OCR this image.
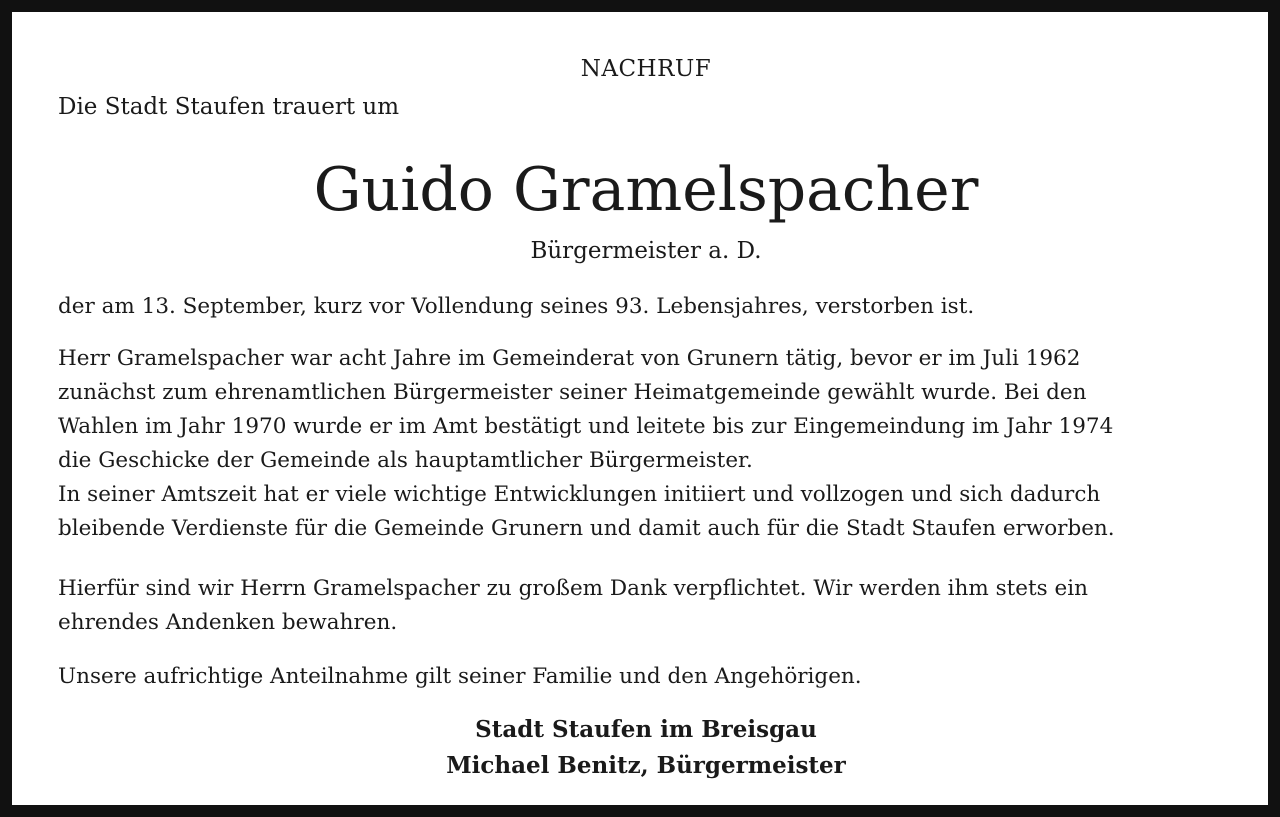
NACHRUF
Die Stadt Staufen trauert um
Guido Gramelspacher
Bürgermeister a. D.

der am 13. September, kurz vor Vollendung seines 93. Lebensjahres, verstorben ist.

Herr Gramelspacher war acht Jahre im Gemeinderat von Grunern tätig, bevor er im Juli 1962
zunächst zum ehrenamtlichen Bürgermeister seiner Heimatgemeinde gewählt wurde. Bei den
Wahlen im Jahr 1970 wurde er im Amt bestätigt und leitete bis zur Eingemeindung im Jahr 1974
die Geschicke der Gemeinde als hauptamtlicher Bürgermeister.
In seiner Amtszeit hat er viele wichtige Entwicklungen initiiert und vollzogen und sich dadurch
bleibende Verdienste für die Gemeinde Grunern und damit auch für die Stadt Staufen erworben.

Hierfür sind wir Herrn Gramelspacher zu großem Dank verpflichtet. Wir werden ihm stets ein
ehrendes Andenken bewahren.

Unsere aufrichtige Anteilnahme gilt seiner Familie und den Angehörigen.

Stadt Staufen im Breisgau
Michael Benitz, Bürgermeister
